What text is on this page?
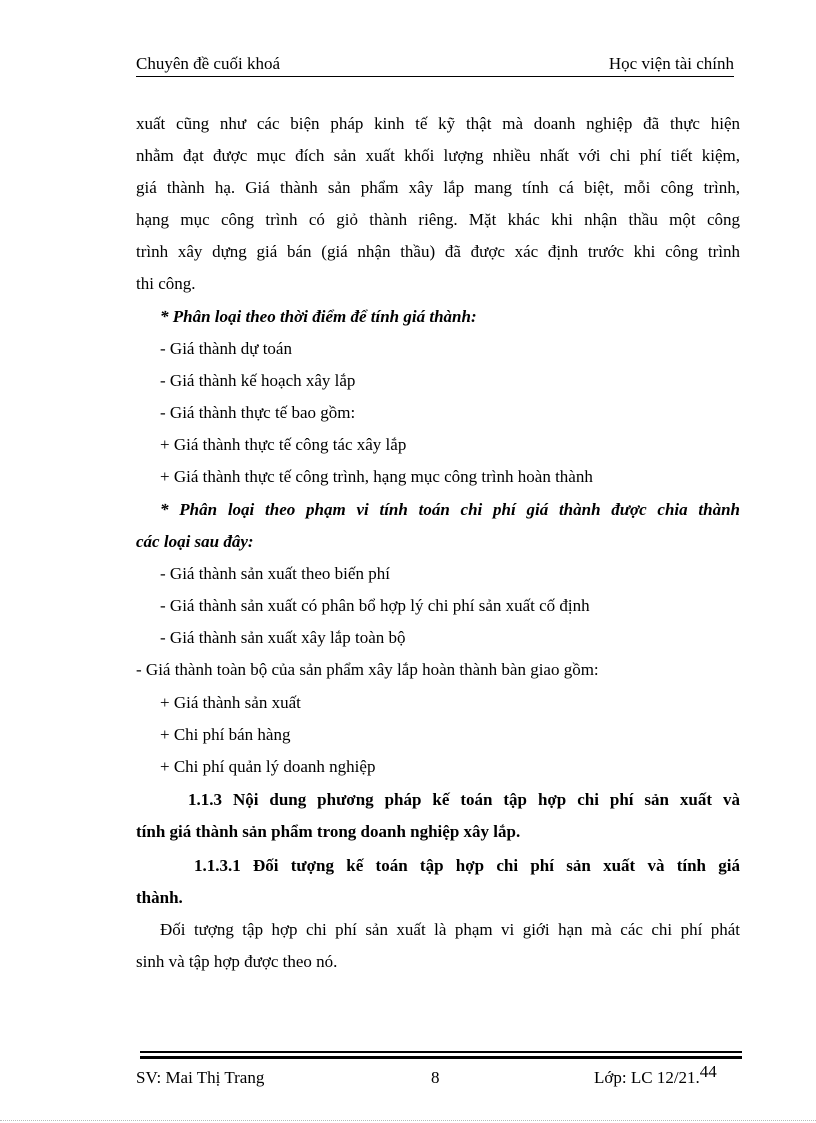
Chuyên đề cuối khoá	Học viện tài chính
xuất cũng như các biện pháp kinh tế kỹ thật mà doanh nghiệp đã thực hiện
nhằm đạt được mục đích sản xuất khối lượng nhiều nhất với chi phí tiết kiệm,
giá thành hạ. Giá thành sản phẩm xây lắp mang tính cá biệt, mỗi công trình,
hạng mục công trình có giỏ thành riêng. Mặt khác khi nhận thầu một công
trình xây dựng giá bán (giá nhận thầu) đã được xác định trước khi công trình
thi công.
* Phân loại theo thời điểm để tính giá thành:
- Giá thành dự toán
- Giá thành kế hoạch xây lắp
- Giá thành thực tế bao gồm:
+ Giá thành thực tế công tác xây lắp
+ Giá thành thực tế công trình, hạng mục công trình hoàn thành
* Phân loại theo phạm vi tính toán chi phí giá thành được chia thành
các loại sau đây:
- Giá thành sản xuất theo biến phí
- Giá thành sản xuất có phân bổ hợp lý chi phí sản xuất cố định
- Giá thành sản xuất xây lắp toàn bộ
- Giá thành toàn bộ của sản phẩm xây lắp hoàn thành bàn giao gồm:
+ Giá thành sản xuất
+ Chi phí bán hàng
+ Chi phí quản lý doanh nghiệp
1.1.3 Nội dung phương pháp kế toán tập hợp chi phí sản xuất và
tính giá thành sản phẩm trong doanh nghiệp xây lắp.
1.1.3.1 Đối tượng kế toán tập hợp chi phí sản xuất và tính giá
thành.
Đối tượng tập hợp chi phí sản xuất là phạm vi giới hạn mà các chi phí phát
sinh và tập hợp được theo nó.
SV: Mai Thị Trang	8	Lớp: LC 12/21.44
